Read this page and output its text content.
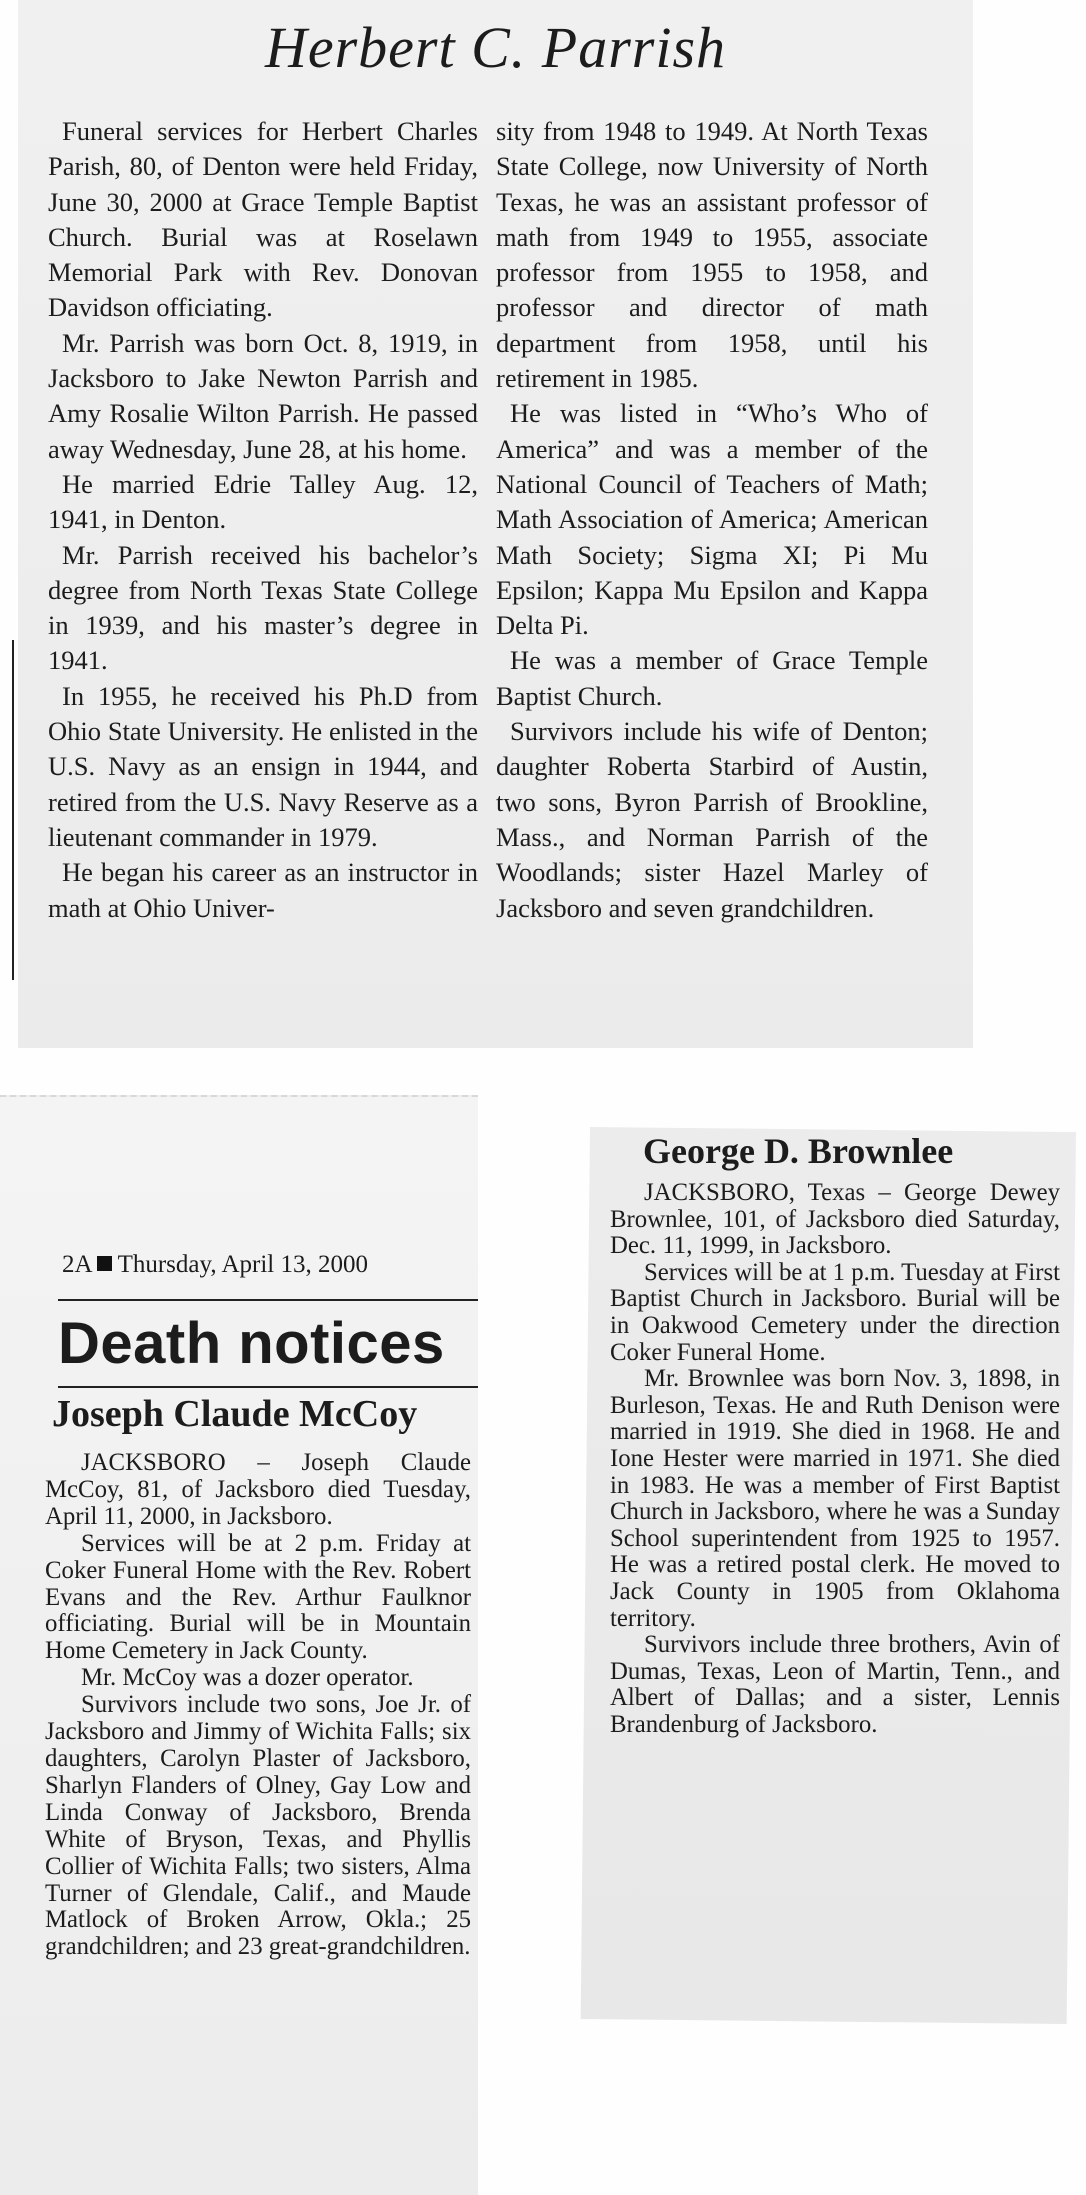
Herbert C. Parrish

Funeral services for Herbert Charles Parish, 80, of Denton were held Friday, June 30, 2000 at Grace Temple Baptist Church. Burial was at Roselawn Memorial Park with Rev. Donovan Davidson officiating.

Mr. Parrish was born Oct. 8, 1919, in Jacksboro to Jake Newton Parrish and Amy Rosalie Wilton Parrish. He passed away Wednesday, June 28, at his home.

He married Edrie Talley Aug. 12, 1941, in Denton.

Mr. Parrish received his bachelor’s degree from North Texas State College in 1939, and his master’s degree in 1941.

In 1955, he received his Ph.D from Ohio State University. He enlisted in the U.S. Navy as an ensign in 1944, and retired from the U.S. Navy Reserve as a lieutenant commander in 1979.

He began his career as an instructor in math at Ohio Univer-

sity from 1948 to 1949. At North Texas State College, now University of North Texas, he was an assistant professor of math from 1949 to 1955, associate professor from 1955 to 1958, and professor and director of math department from 1958, until his retirement in 1985.

He was listed in “Who’s Who of America” and was a member of the National Council of Teachers of Math; Math Association of America; American Math Society; Sigma XI; Pi Mu Epsilon; Kappa Mu Epsilon and Kappa Delta Pi.

He was a member of Grace Temple Baptist Church.

Survivors include his wife of Denton; daughter Roberta Starbird of Austin, two sons, Byron Parrish of Brookline, Mass., and Norman Parrish of the Woodlands; sister Hazel Marley of Jacksboro and seven grandchildren.

2A Thursday, April 13, 2000
Death notices
Joseph Claude McCoy

JACKSBORO – Joseph Claude McCoy, 81, of Jacksboro died Tuesday, April 11, 2000, in Jacksboro.

Services will be at 2 p.m. Friday at Coker Funeral Home with the Rev. Robert Evans and the Rev. Arthur Faulknor officiating. Burial will be in Mountain Home Cemetery in Jack County.

Mr. McCoy was a dozer operator.

Survivors include two sons, Joe Jr. of Jacksboro and Jimmy of Wichita Falls; six daughters, Carolyn Plaster of Jacksboro, Sharlyn Flanders of Olney, Gay Low and Linda Conway of Jacksboro, Brenda White of Bryson, Texas, and Phyllis Collier of Wichita Falls; two sisters, Alma Turner of Glendale, Calif., and Maude Matlock of Broken Arrow, Okla.; 25 grandchildren; and 23 great-grandchildren.

George D. Brownlee

JACKSBORO, Texas – George Dewey Brownlee, 101, of Jacksboro died Saturday, Dec. 11, 1999, in Jacksboro.

Services will be at 1 p.m. Tuesday at First Baptist Church in Jacksboro. Burial will be in Oakwood Cemetery under the direction Coker Funeral Home.

Mr. Brownlee was born Nov. 3, 1898, in Burleson, Texas. He and Ruth Denison were married in 1919. She died in 1968. He and Ione Hester were married in 1971. She died in 1983. He was a member of First Baptist Church in Jacksboro, where he was a Sunday School superintendent from 1925 to 1957. He was a retired postal clerk. He moved to Jack County in 1905 from Oklahoma territory.

Survivors include three brothers, Avin of Dumas, Texas, Leon of Martin, Tenn., and Albert of Dallas; and a sister, Lennis Brandenburg of Jacksboro.
